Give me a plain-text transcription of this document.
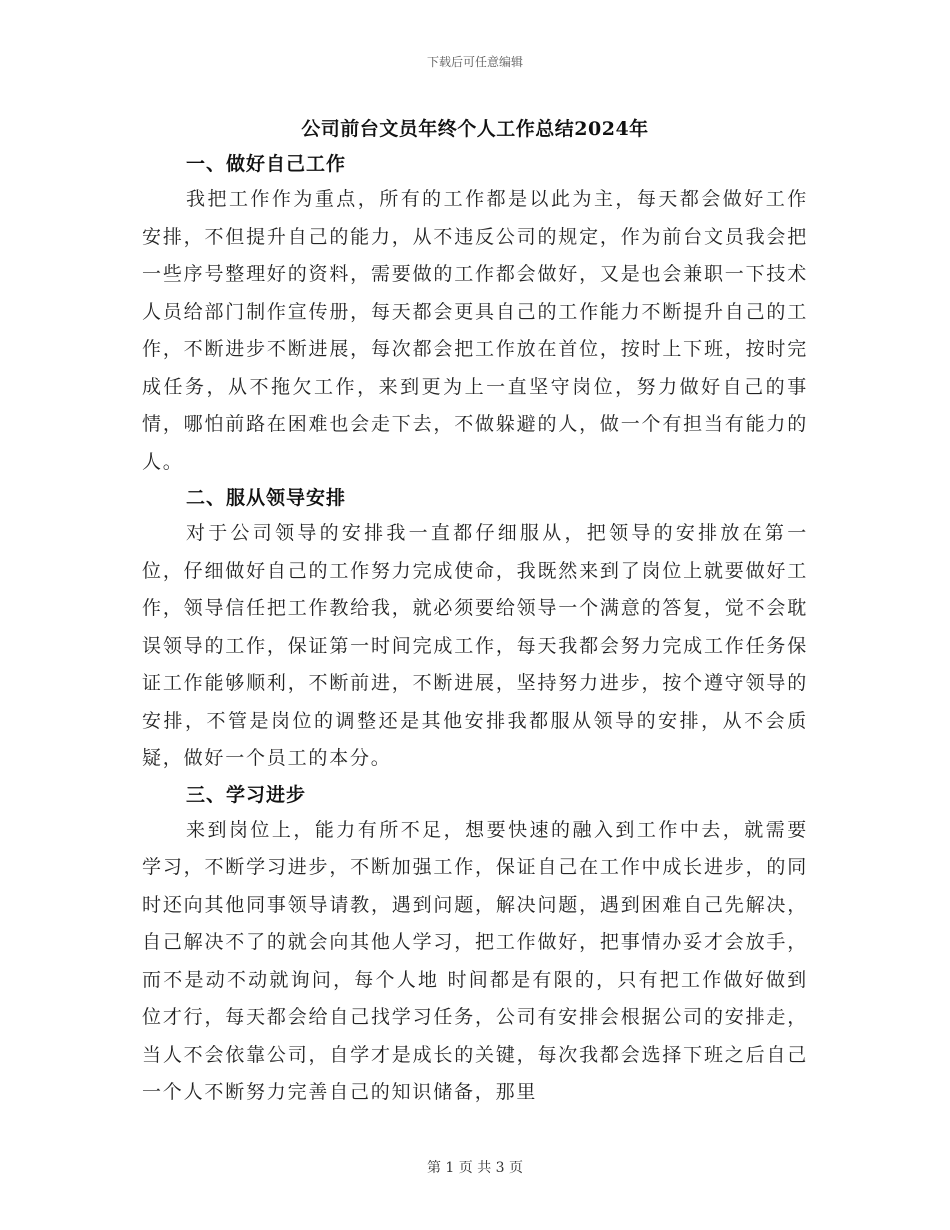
下载后可任意编辑
公司前台文员年终个人工作总结2024年
一、做好自己工作

我把工作作为重点，所有的工作都是以此为主，每天都会做好工作安排，不但提升自己的能力，从不违反公司的规定，作为前台文员我会把一些序号整理好的资料，需要做的工作都会做好，又是也会兼职一下技术人员给部门制作宣传册，每天都会更具自己的工作能力不断提升自己的工作，不断进步不断进展，每次都会把工作放在首位，按时上下班，按时完成任务，从不拖欠工作，来到更为上一直坚守岗位，努力做好自己的事情，哪怕前路在困难也会走下去，不做躲避的人，做一个有担当有能力的人。

二、服从领导安排

对于公司领导的安排我一直都仔细服从，把领导的安排放在第一位，仔细做好自己的工作努力完成使命，我既然来到了岗位上就要做好工作，领导信任把工作教给我，就必须要给领导一个满意的答复，觉不会耽误领导的工作，保证第一时间完成工作，每天我都会努力完成工作任务保证工作能够顺利，不断前进，不断进展，坚持努力进步，按个遵守领导的安排，不管是岗位的调整还是其他安排我都服从领导的安排，从不会质疑，做好一个员工的本分。

三、学习进步

来到岗位上，能力有所不足，想要快速的融入到工作中去，就需要学习，不断学习进步，不断加强工作，保证自己在工作中成长进步，的同时还向其他同事领导请教，遇到问题，解决问题，遇到困难自己先解决，自己解决不了的就会向其他人学习，把工作做好，把事情办妥才会放手，而不是动不动就询问，每个人地 时间都是有限的，只有把工作做好做到位才行，每天都会给自己找学习任务，公司有安排会根据公司的安排走，当人不会依靠公司，自学才是成长的关键，每次我都会选择下班之后自己一个人不断努力完善自己的知识储备，那里

第 1 页 共 3 页
